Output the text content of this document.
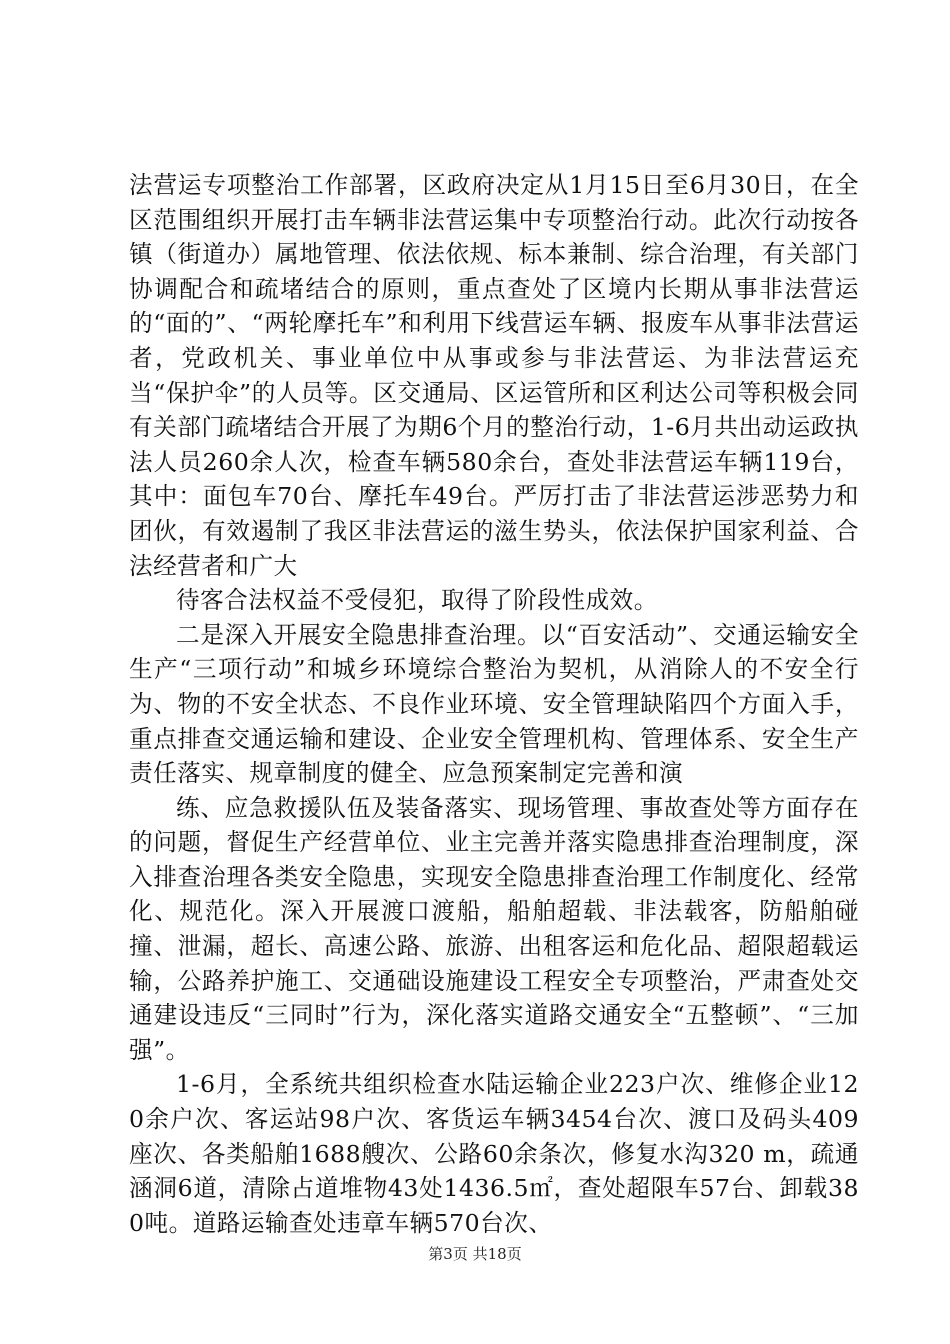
法营运专项整治工作部署，区政府决定从1月15日至6月30日，在全区范围组织开展打击车辆非法营运集中专项整治行动。此次行动按各镇（街道办）属地管理、依法依规、标本兼制、综合治理，有关部门协调配合和疏堵结合的原则，重点查处了区境内长期从事非法营运的“面的”、“两轮摩托车”和利用下线营运车辆、报废车从事非法营运者，党政机关、事业单位中从事或参与非法营运、为非法营运充当“保护伞”的人员等。区交通局、区运管所和区利达公司等积极会同有关部门疏堵结合开展了为期6个月的整治行动，1-6月共出动运政执法人员260余人次，检查车辆580余台，查处非法营运车辆119台，其中：面包车70台、摩托车49台。严厉打击了非法营运涉恶势力和团伙，有效遏制了我区非法营运的滋生势头，依法保护国家利益、合法经营者和广大

待客合法权益不受侵犯，取得了阶段性成效。

二是深入开展安全隐患排查治理。以“百安活动”、交通运输安全生产“三项行动”和城乡环境综合整治为契机，从消除人的不安全行为、物的不安全状态、不良作业环境、安全管理缺陷四个方面入手，重点排查交通运输和建设、企业安全管理机构、管理体系、安全生产责任落实、规章制度的健全、应急预案制定完善和演

练、应急救援队伍及装备落实、现场管理、事故查处等方面存在的问题，督促生产经营单位、业主完善并落实隐患排查治理制度，深入排查治理各类安全隐患，实现安全隐患排查治理工作制度化、经常化、规范化。深入开展渡口渡船，船舶超载、非法载客，防船舶碰撞、泄漏，超长、高速公路、旅游、出租客运和危化品、超限超载运输，公路养护施工、交通础设施建设工程安全专项整治，严肃查处交通建设违反“三同时”行为，深化落实道路交通安全“五整顿”、“三加强”。

1-6月，全系统共组织检查水陆运输企业223户次、维修企业120余户次、客运站98户次、客货运车辆3454台次、渡口及码头409座次、各类船舶1688艘次、公路60余条次，修复水沟320 m，疏通涵洞6道，清除占道堆物43处1436.5㎡，查处超限车57台、卸载380吨。道路运输查处违章车辆570台次、

第3页 共18页
